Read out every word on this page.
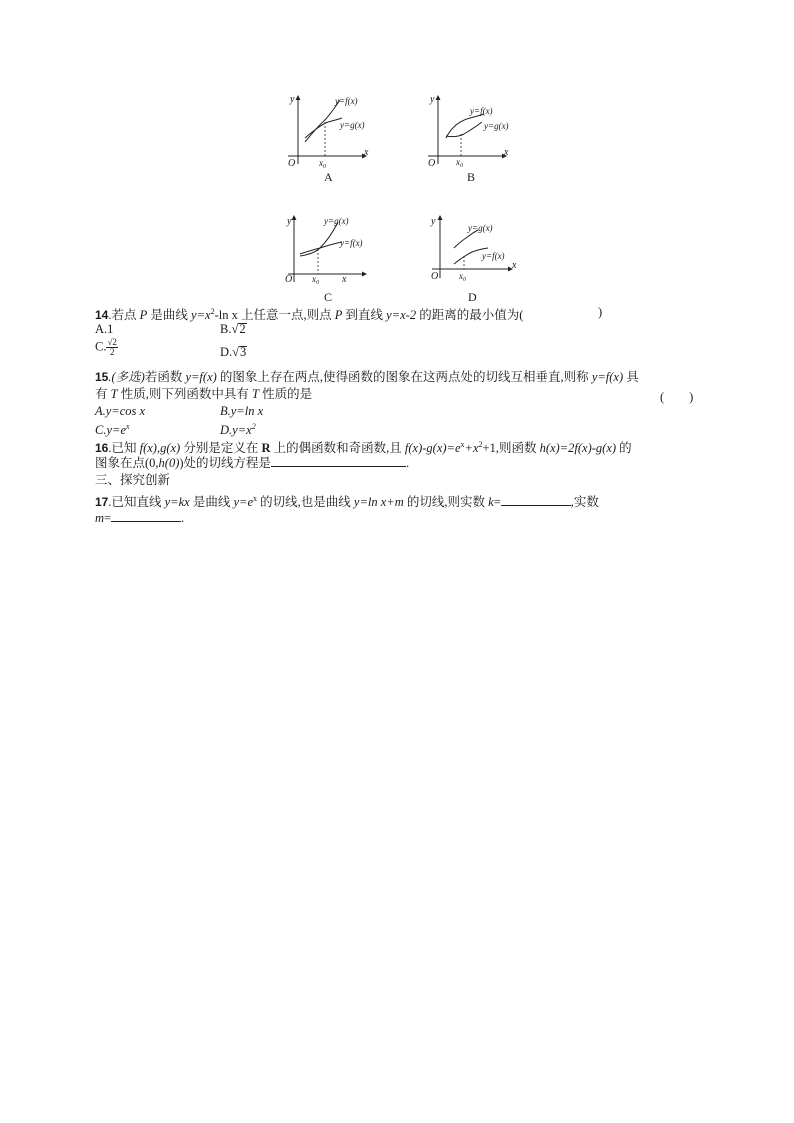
y
x
O	$x_0$
y=f(x)
y=g(x)
A
y
x
O $x_0$
y=f(x)
y=g(x)
B
y
x
O $x_0$
y=g(x)
y=f(x)
C
y
x
O $x_0$
y=g(x)
y=f(x)
D
14.若点 P 是曲线 $y=x^2-\ln$ x 上任意一点,则点 P 到直线 y=x-2 的距离的最小值为(	)
A.1	B.√2
C. $\frac{√2}{2}$	D.√3
15.(多选)若函数 y=f(x) 的图象上存在两点,使得函数的图象在这两点处的切线互相垂直,则称 y=f(x) 具
有 T 性质,则下列函数中具有 T 性质的是	(　　)
A.y=cos x	B.y=ln x
$C.y=e^x$	$D.y=x^2$
16.已知 f(x),g(x) 分别是定义在 R 上的偶函数和奇函数,且 $f(x)-g(x)=e^x+x^2+1$,则函数 h(x)=2f(x)-g(x) 的
图象在点(0,h(0))处的切线方程是	.
三、探究创新
17.已知直线 y=kx 是曲线 $y=e^x$ 的切线,也是曲线 y=ln x+m 的切线,则实数 k=	,实数
m=	.
